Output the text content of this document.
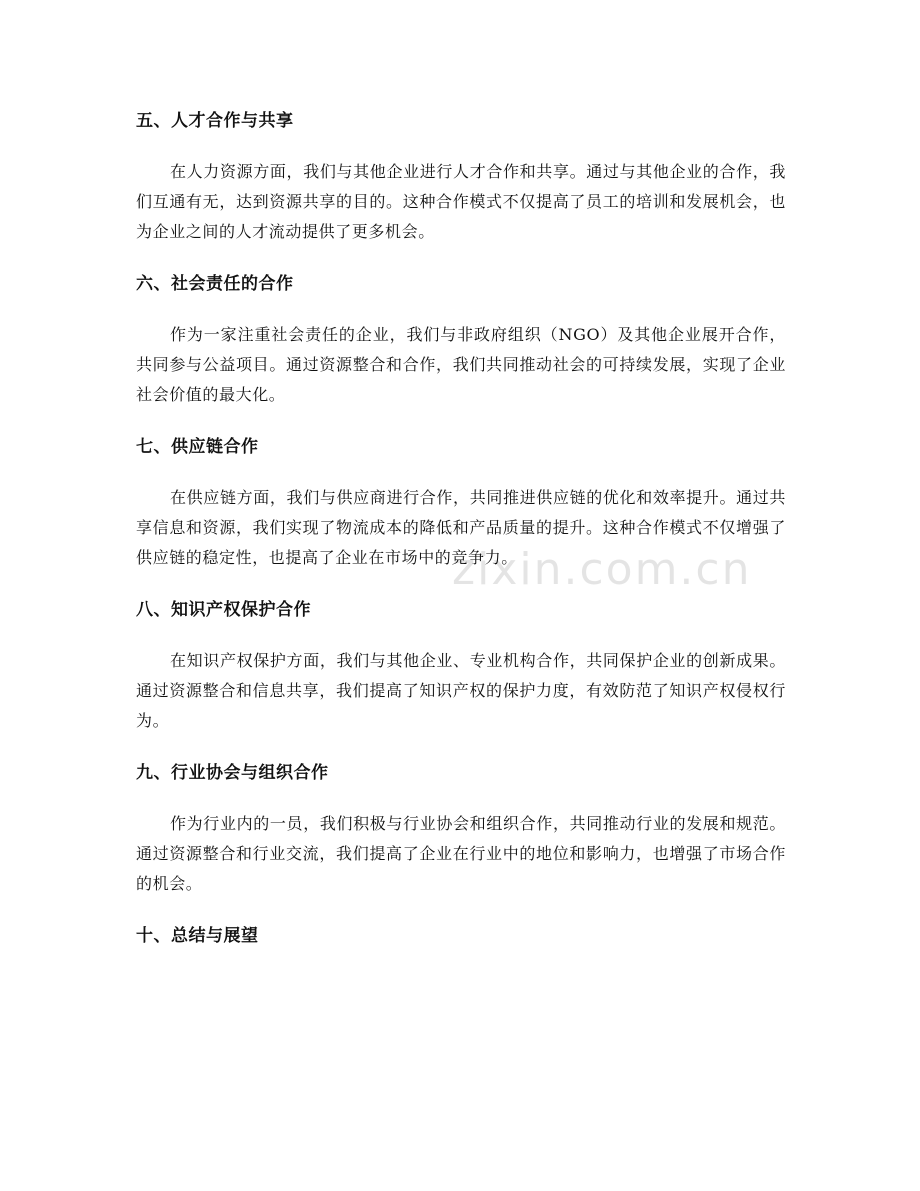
五、人才合作与共享

在人力资源方面，我们与其他企业进行人才合作和共享。通过与其他企业的合作，我们互通有无，达到资源共享的目的。这种合作模式不仅提高了员工的培训和发展机会，也为企业之间的人才流动提供了更多机会。

六、社会责任的合作

作为一家注重社会责任的企业，我们与非政府组织（NGO）及其他企业展开合作，共同参与公益项目。通过资源整合和合作，我们共同推动社会的可持续发展，实现了企业社会价值的最大化。

七、供应链合作

在供应链方面，我们与供应商进行合作，共同推进供应链的优化和效率提升。通过共享信息和资源，我们实现了物流成本的降低和产品质量的提升。这种合作模式不仅增强了供应链的稳定性，也提高了企业在市场中的竞争力。

八、知识产权保护合作

在知识产权保护方面，我们与其他企业、专业机构合作，共同保护企业的创新成果。通过资源整合和信息共享，我们提高了知识产权的保护力度，有效防范了知识产权侵权行为。

九、行业协会与组织合作

作为行业内的一员，我们积极与行业协会和组织合作，共同推动行业的发展和规范。通过资源整合和行业交流，我们提高了企业在行业中的地位和影响力，也增强了市场合作的机会。

十、总结与展望
zixin.com.cn
